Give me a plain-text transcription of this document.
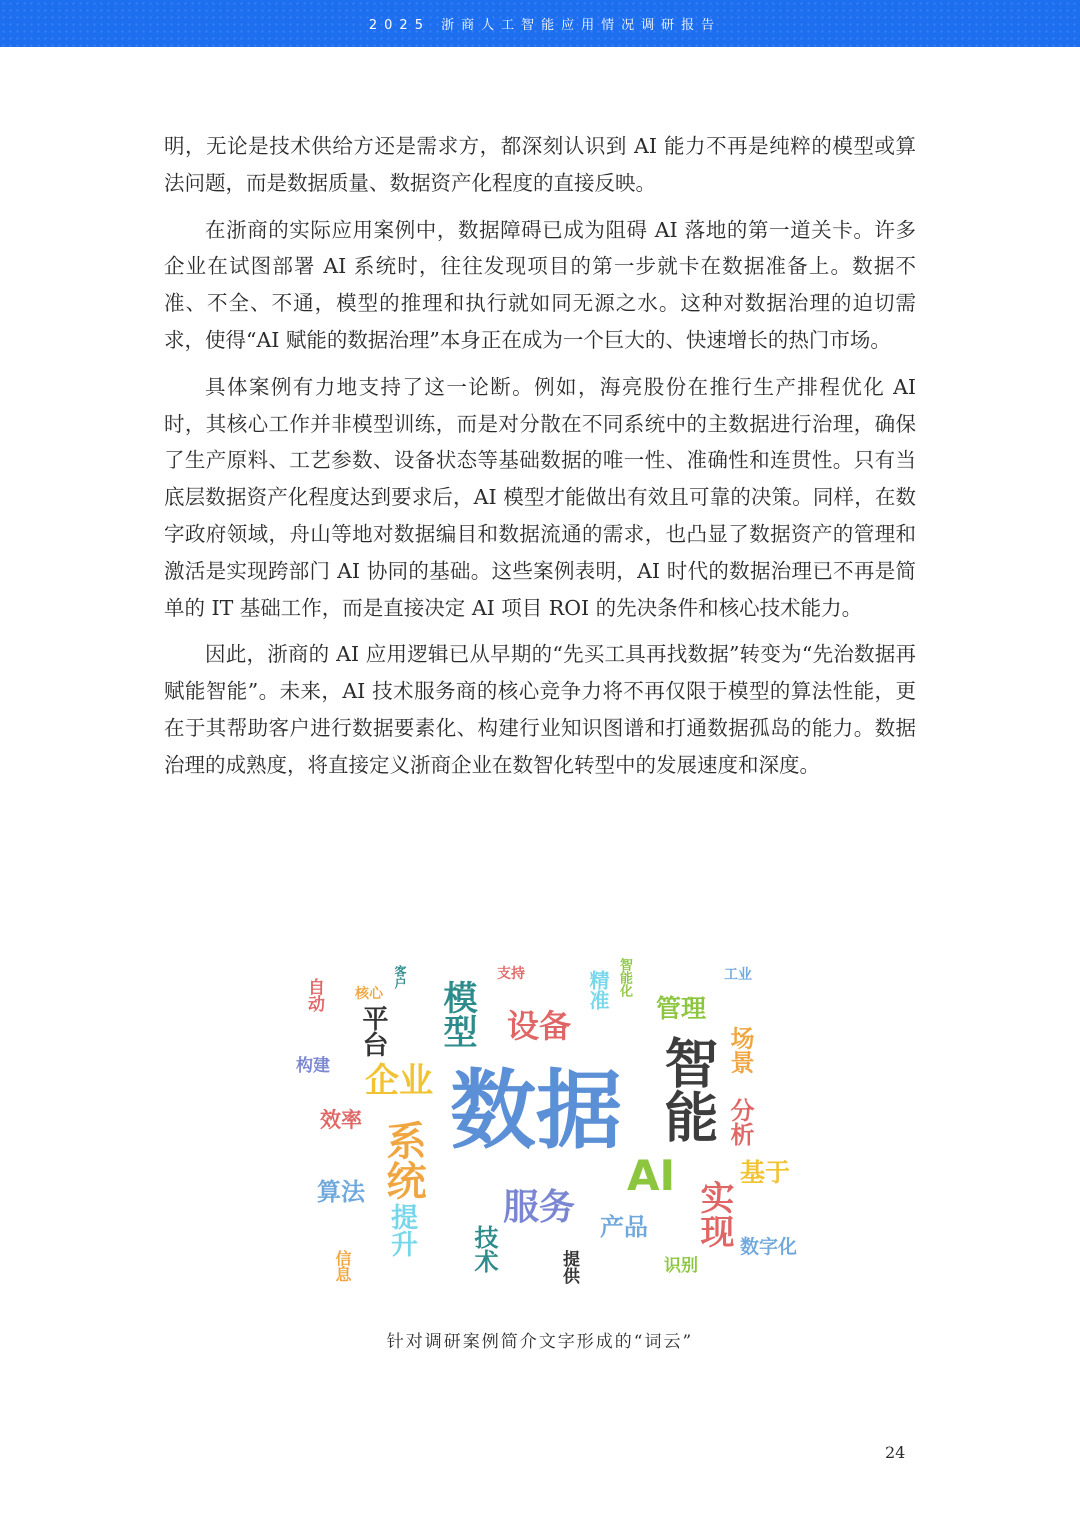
2025 浙商人工智能应用情况调研报告

明，无论是技术供给方还是需求方，都深刻认识到 AI 能力不再是纯粹的模型或算法问题，而是数据质量、数据资产化程度的直接反映。

在浙商的实际应用案例中，数据障碍已成为阻碍 AI 落地的第一道关卡。许多企业在试图部署 AI 系统时，往往发现项目的第一步就卡在数据准备上。数据不准、不全、不通，模型的推理和执行就如同无源之水。这种对数据治理的迫切需求，使得“AI 赋能的数据治理”本身正在成为一个巨大的、快速增长的热门市场。

具体案例有力地支持了这一论断。例如，海亮股份在推行生产排程优化 AI 时，其核心工作并非模型训练，而是对分散在不同系统中的主数据进行治理，确保了生产原料、工艺参数、设备状态等基础数据的唯一性、准确性和连贯性。只有当底层数据资产化程度达到要求后，AI 模型才能做出有效且可靠的决策。同样，在数字政府领域，舟山等地对数据编目和数据流通的需求，也凸显了数据资产的管理和激活是实现跨部门 AI 协同的基础。这些案例表明，AI 时代的数据治理已不再是简单的 IT 基础工作，而是直接决定 AI 项目 ROI 的先决条件和核心技术能力。

因此，浙商的 AI 应用逻辑已从早期的“先买工具再找数据”转变为“先治数据再赋能智能”。未来，AI 技术服务商的核心竞争力将不再仅限于模型的算法性能，更在于其帮助客户进行数据要素化、构建行业知识图谱和打通数据孤岛的能力。数据治理的成熟度，将直接定义浙商企业在数智化转型中的发展速度和深度。

数据 智能
AI
服务
系统
企业
设备
模型
平台	管理
场景
分析
基于
实现
产品
数字化
识别
提供
技术
提升
信息
算法
效率
构建
自动 核心
客户	支持	精准 智能化	工业
针对调研案例简介文字形成的“词云”
24
